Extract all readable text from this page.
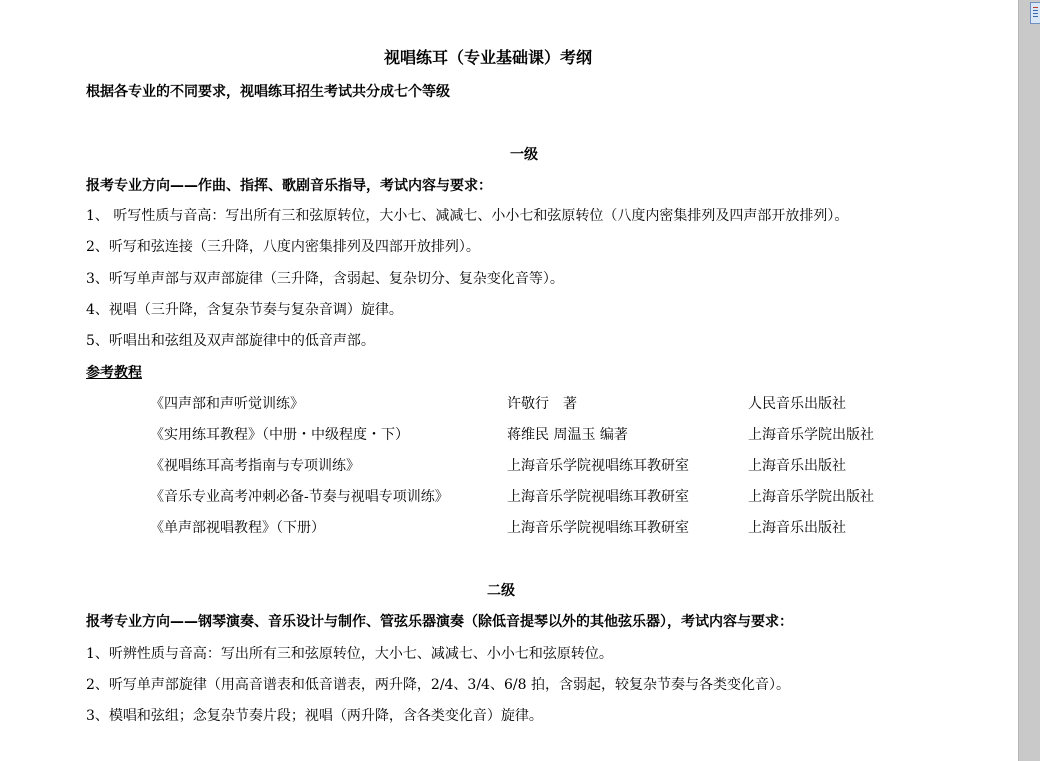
视唱练耳（专业基础课）考纲
根据各专业的不同要求，视唱练耳招生考试共分成七个等级
一级
报考专业方向——作曲、指挥、歌剧音乐指导，考试内容与要求：
1、 听写性质与音高：写出所有三和弦原转位，大小七、减减七、小小七和弦原转位（八度内密集排列及四声部开放排列）。
2、听写和弦连接（三升降，八度内密集排列及四部开放排列）。
3、听写单声部与双声部旋律（三升降，含弱起、复杂切分、复杂变化音等）。
4、视唱（三升降，含复杂节奏与复杂音调）旋律。
5、听唱出和弦组及双声部旋律中的低音声部。
参考教程
《四声部和声听觉训练》	许敬行　著	人民音乐出版社
《实用练耳教程》（中册・中级程度・下）	蒋维民 周温玉 编著	上海音乐学院出版社
《视唱练耳高考指南与专项训练》	上海音乐学院视唱练耳教研室	上海音乐出版社
《音乐专业高考冲刺必备-节奏与视唱专项训练》	上海音乐学院视唱练耳教研室	上海音乐学院出版社
《单声部视唱教程》（下册）	上海音乐学院视唱练耳教研室	上海音乐出版社
二级
报考专业方向——钢琴演奏、音乐设计与制作、管弦乐器演奏（除低音提琴以外的其他弦乐器），考试内容与要求：
1、听辨性质与音高：写出所有三和弦原转位，大小七、减减七、小小七和弦原转位。
2、听写单声部旋律（用高音谱表和低音谱表，两升降，2/4、3/4、6/8 拍，含弱起，较复杂节奏与各类变化音）。
3、模唱和弦组；念复杂节奏片段；视唱（两升降，含各类变化音）旋律。
